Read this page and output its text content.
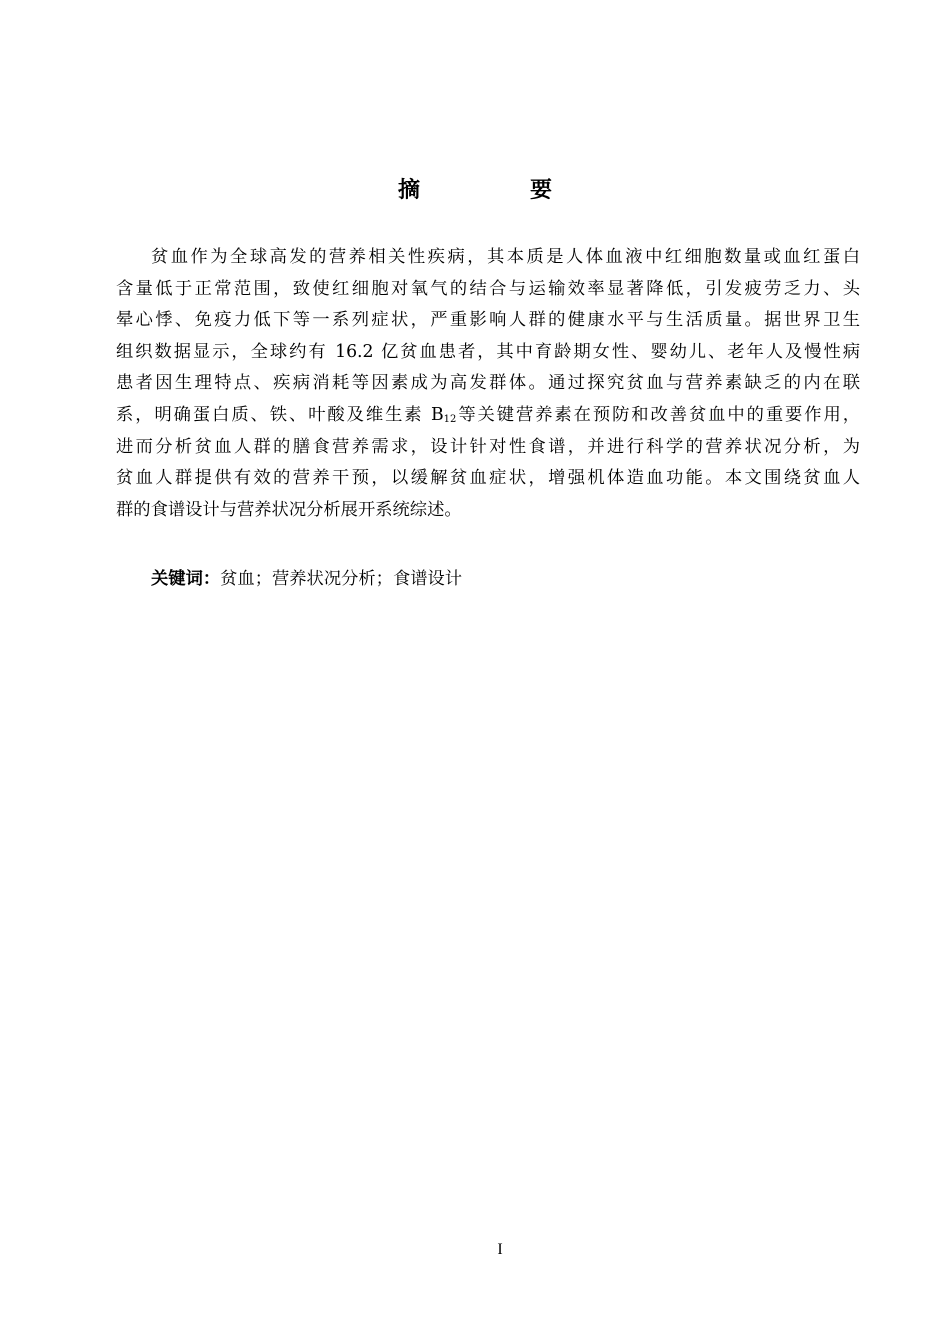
摘　要
贫血作为全球高发的营养相关性疾病，其本质是人体血液中红细胞数量或血红蛋白
含量低于正常范围，致使红细胞对氧气的结合与运输效率显著降低，引发疲劳乏力、头
晕心悸、免疫力低下等一系列症状，严重影响人群的健康水平与生活质量。据世界卫生
组织数据显示，全球约有 16.2 亿贫血患者，其中育龄期女性、婴幼儿、老年人及慢性病
患者因生理特点、疾病消耗等因素成为高发群体。通过探究贫血与营养素缺乏的内在联
系，明确蛋白质、铁、叶酸及维生素 $B_{12}$等关键营养素在预防和改善贫血中的重要作用，
进而分析贫血人群的膳食营养需求，设计针对性食谱，并进行科学的营养状况分析，为
贫血人群提供有效的营养干预，以缓解贫血症状，增强机体造血功能。本文围绕贫血人
群的食谱设计与营养状况分析展开系统综述。
关键词：贫血；营养状况分析；食谱设计
I
